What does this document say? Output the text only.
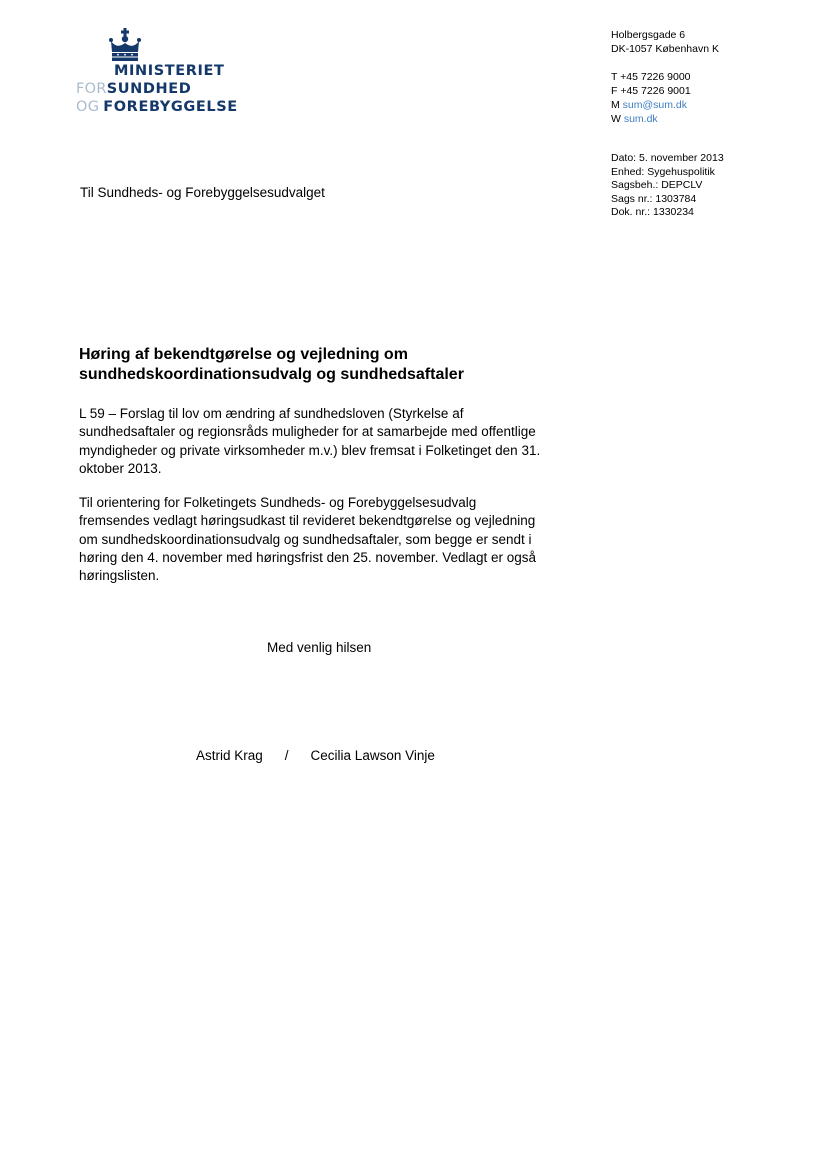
MINISTERIET
FORSUNDHED
OG FOREBYGGELSE
Holbergsgade 6
DK-1057 København K
T +45 7226 9000
F +45 7226 9001
M sum@sum.dk
W sum.dk
Dato: 5. november 2013
Enhed: Sygehuspolitik
Sagsbeh.: DEPCLV
Sags nr.: 1303784
Dok. nr.: 1330234
Til Sundheds- og Forebyggelsesudvalget
Høring af bekendtgørelse og vejledning om
sundhedskoordinationsudvalg og sundhedsaftaler
L 59 – Forslag til lov om ændring af sundhedsloven (Styrkelse af
sundhedsaftaler og regionsråds muligheder for at samarbejde med offentlige
myndigheder og private virksomheder m.v.) blev fremsat i Folketinget den 31.
oktober 2013.
Til orientering for Folketingets Sundheds- og Forebyggelsesudvalg
fremsendes vedlagt høringsudkast til revideret bekendtgørelse og vejledning
om sundhedskoordinationsudvalg og sundhedsaftaler, som begge er sendt i
høring den 4. november med høringsfrist den 25. november. Vedlagt er også
høringslisten.
Med venlig hilsen
Astrid Krag / Cecilia Lawson Vinje
